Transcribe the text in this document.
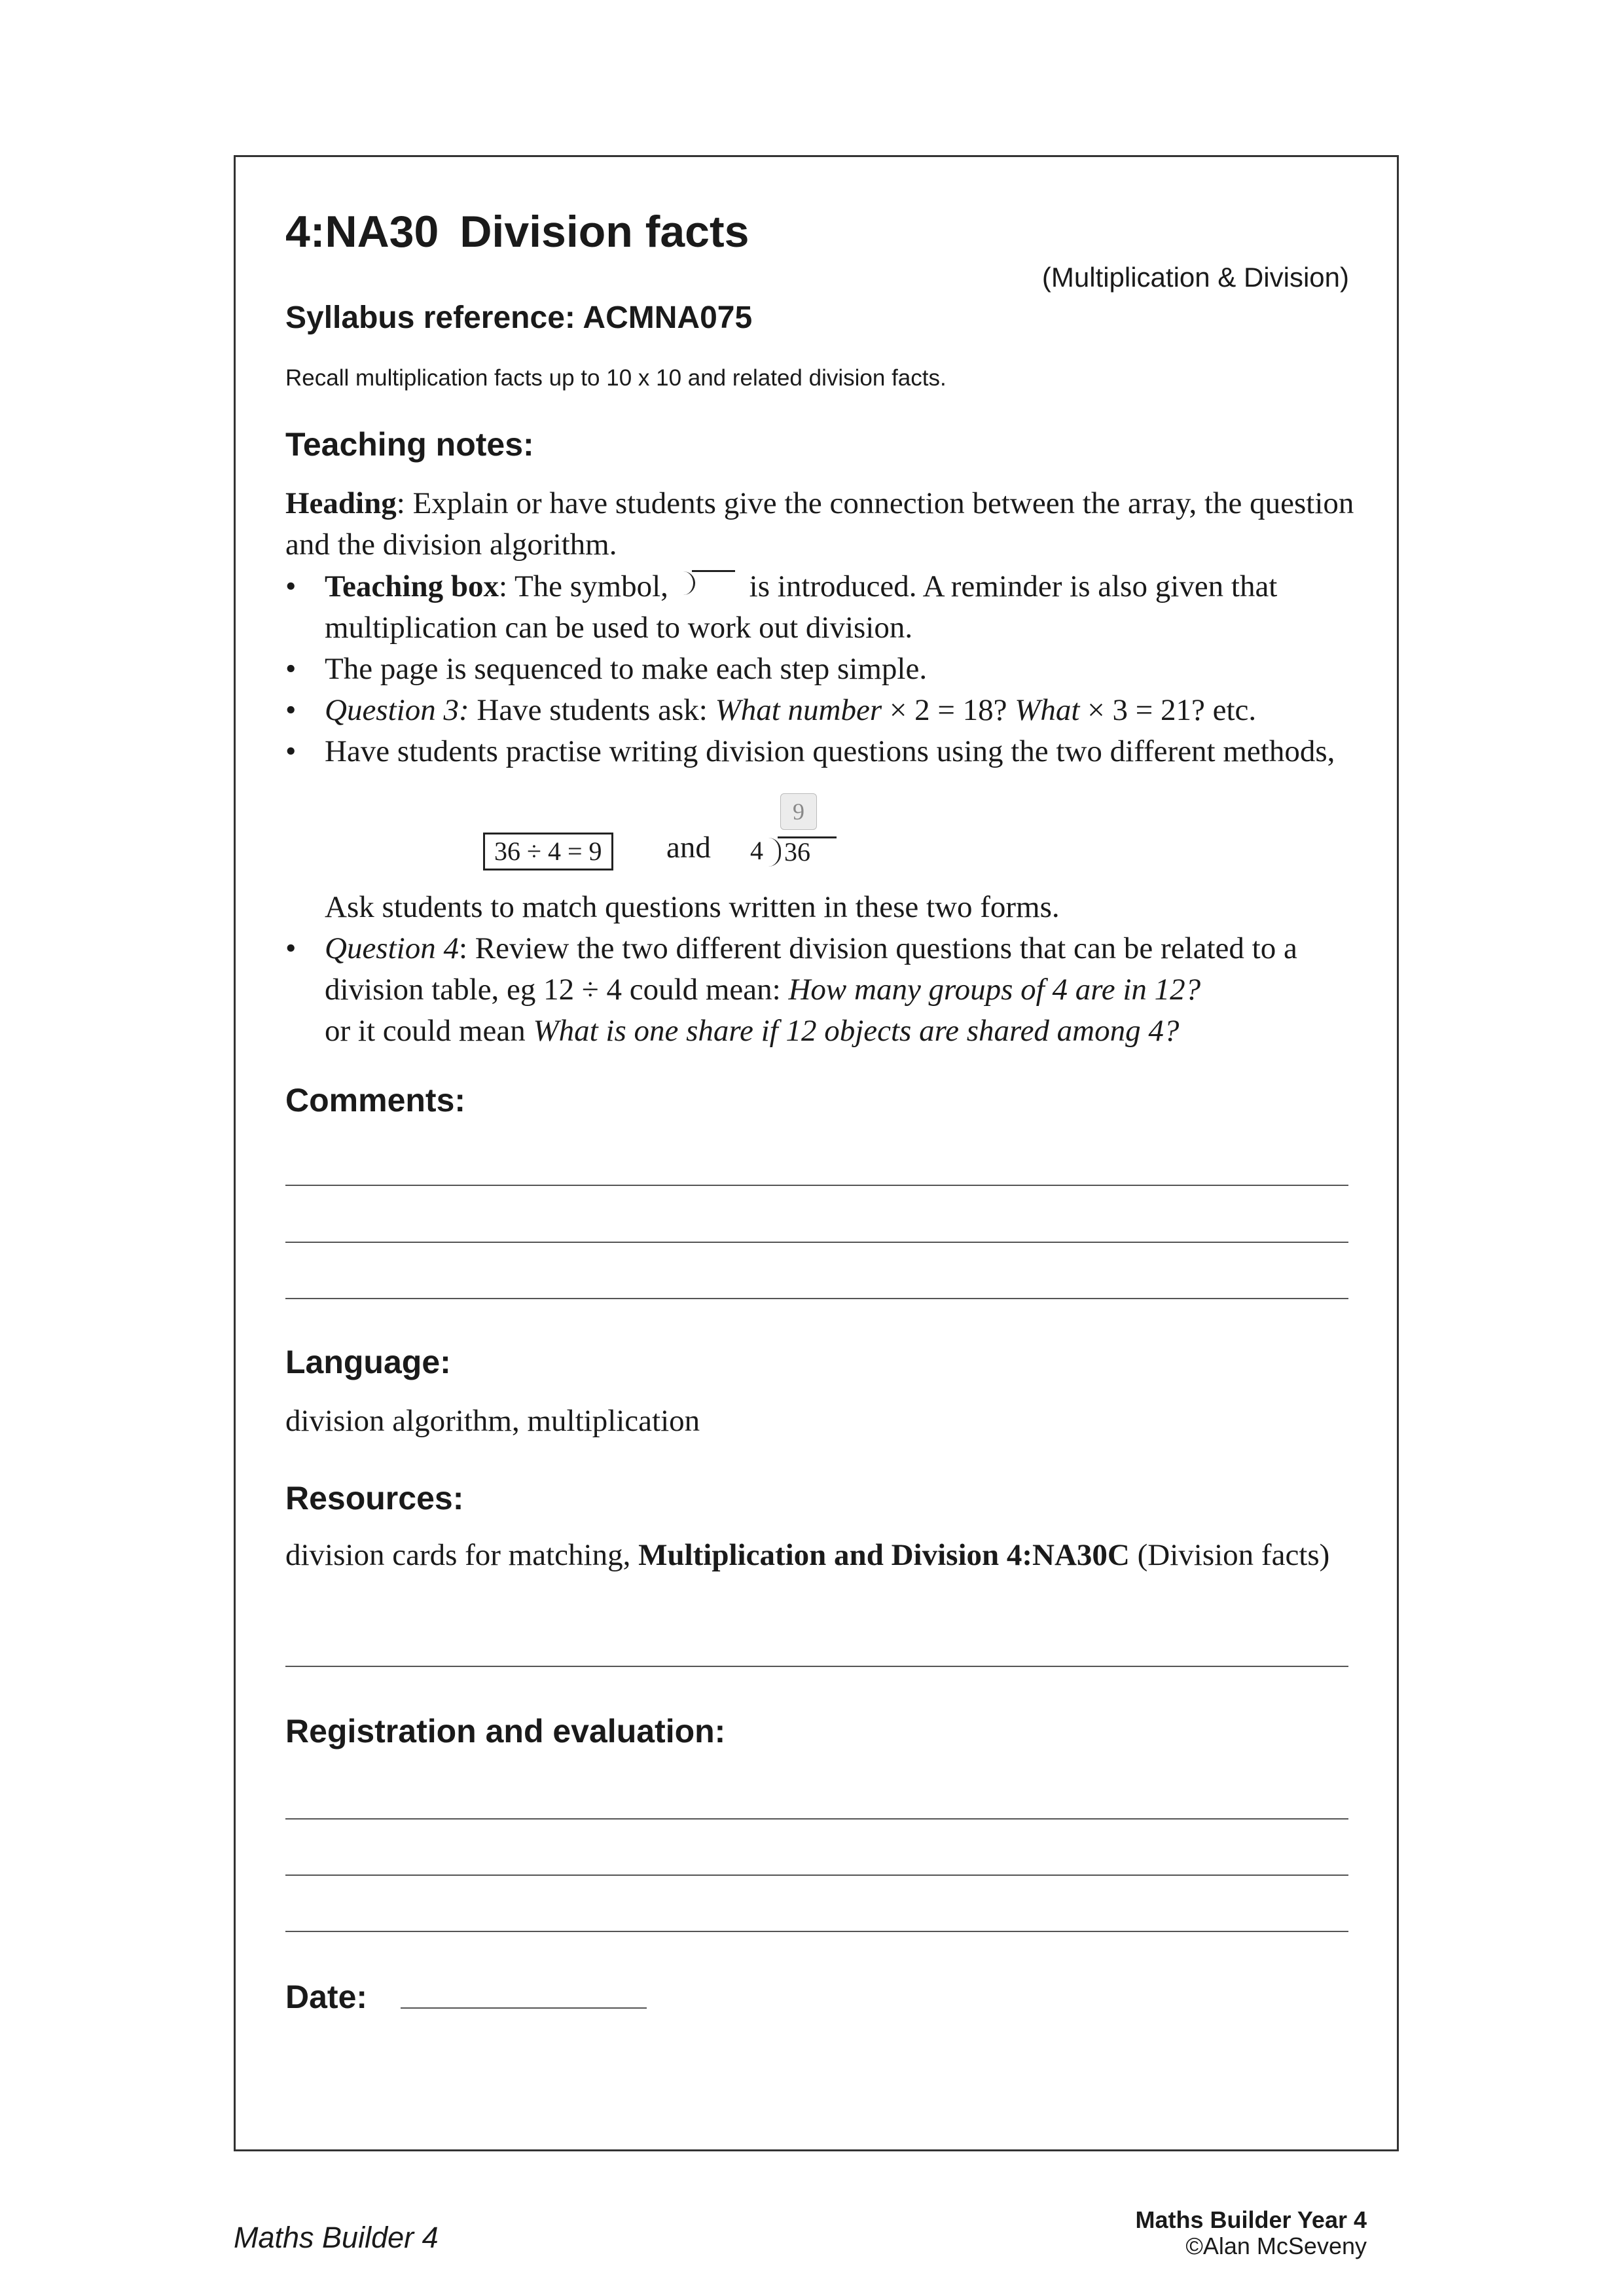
4:NA30 Division facts
(Multiplication & Division)
Syllabus reference: ACMNA075
Recall multiplication facts up to 10 x 10 and related division facts.
Teaching notes:
Heading: Explain or have students give the connection between the array, the question and the division algorithm.
• Teaching box: The symbol,	is introduced. A reminder is also given that multiplication can be used to work out division.
• The page is sequenced to make each step simple.
• Question 3: Have students ask: What number × 2 = 18? What × 3 = 21? etc.
• Have students practise writing division questions using the two different methods,
36 ÷ 4 = 9	and
9
4 36
Ask students to match questions written in these two forms.
• Question 4: Review the two different division questions that can be related to a division table, eg 12 ÷ 4 could mean: How many groups of 4 are in 12?
or it could mean What is one share if 12 objects are shared among 4?
Comments:
Language:
division algorithm, multiplication
Resources:
division cards for matching, Multiplication and Division 4:NA30C (Division facts)
Registration and evaluation:
Date:
Maths Builder 4
Maths Builder Year 4
©Alan McSeveny
